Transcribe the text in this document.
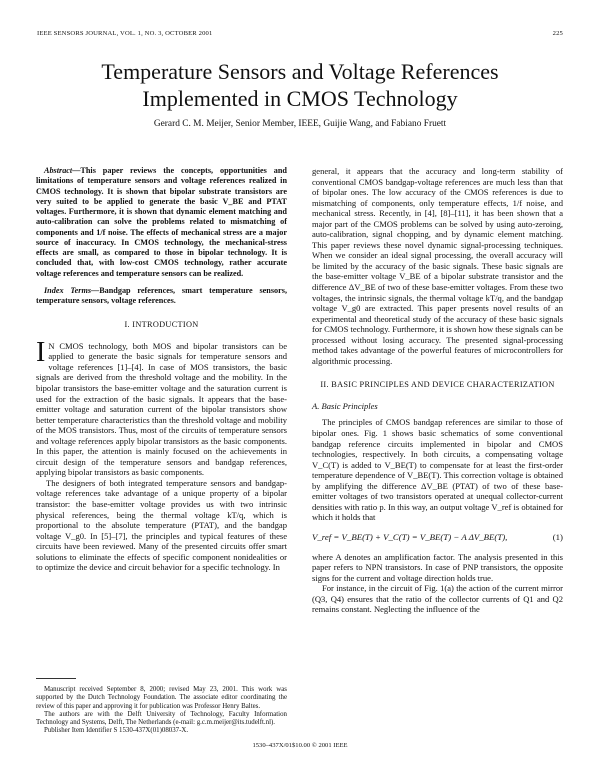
IEEE SENSORS JOURNAL, VOL. 1, NO. 3, OCTOBER 2001	225
Temperature Sensors and Voltage References
Implemented in CMOS Technology
Gerard C. M. Meijer, Senior Member, IEEE, Guijie Wang, and Fabiano Fruett

Abstract—This paper reviews the concepts, opportunities and limitations of temperature sensors and voltage references realized in CMOS technology. It is shown that bipolar substrate transistors are very suited to be applied to generate the basic V_BE and PTAT voltages. Furthermore, it is shown that dynamic element matching and auto-calibration can solve the problems related to mismatching of components and 1/f noise. The effects of mechanical stress are a major source of inaccuracy. In CMOS technology, the mechanical-stress effects are small, as compared to those in bipolar technology. It is concluded that, with low-cost CMOS technology, rather accurate voltage references and temperature sensors can be realized.

Index Terms—Bandgap references, smart temperature sensors, temperature sensors, voltage references.

I. INTRODUCTION

I N CMOS technology, both MOS and bipolar transistors can be applied to generate the basic signals for temperature sensors and voltage references [1]–[4]. In case of MOS transistors, the basic signals are derived from the threshold voltage and the mobility. In the bipolar transistors the base-emitter voltage and the saturation current is used for the extraction of the basic signals. It appears that the base-emitter voltage and saturation current of the bipolar transistors show better temperature characteristics than the threshold voltage and mobility of the MOS transistors. Thus, most of the circuits of temperature sensors and voltage references apply bipolar transistors as the basic components. In this paper, the attention is mainly focused on the achievements in circuit design of the temperature sensors and bandgap references, applying bipolar transistors as basic components.

The designers of both integrated temperature sensors and bandgap-voltage references take advantage of a unique property of a bipolar transistor: the base-emitter voltage provides us with two intrinsic physical references, being the thermal voltage kT/q, which is proportional to the absolute temperature (PTAT), and the bandgap voltage V_g0. In [5]–[7], the principles and typical features of these circuits have been reviewed. Many of the presented circuits offer smart solutions to eliminate the effects of specific component nonidealities or to optimize the device and circuit behavior for a specific technology. In

Manuscript received September 8, 2000; revised May 23, 2001. This work was supported by the Dutch Technology Foundation. The associate editor coordinating the review of this paper and approving it for publication was Professor Henry Baltes.

The authors are with the Delft University of Technology, Faculty Information Technology and Systems, Delft, The Netherlands (e-mail: g.c.m.meijer@its.tudelft.nl).

Publisher Item Identifier S 1530-437X(01)08037-X.

general, it appears that the accuracy and long-term stability of conventional CMOS bandgap-voltage references are much less than that of bipolar ones. The low accuracy of the CMOS references is due to mismatching of components, only temperature effects, 1/f noise, and mechanical stress. Recently, in [4], [8]–[11], it has been shown that a major part of the CMOS problems can be solved by using auto-zeroing, auto-calibration, signal chopping, and by dynamic element matching. This paper reviews these novel dynamic signal-processing techniques. When we consider an ideal signal processing, the overall accuracy will be limited by the accuracy of the basic signals. These basic signals are the base-emitter voltage V_BE of a bipolar substrate transistor and the difference ΔV_BE of two of these base-emitter voltages. From these two voltages, the intrinsic signals, the thermal voltage kT/q, and the bandgap voltage V_g0 are extracted. This paper presents novel results of an experimental and theoretical study of the accuracy of these basic signals for CMOS technology. Furthermore, it is shown how these signals can be processed without losing accuracy. The presented signal-processing method takes advantage of the powerful features of microcontrollers for algorithmic processing.

II. BASIC PRINCIPLES AND DEVICE CHARACTERIZATION
A. Basic Principles

The principles of CMOS bandgap references are similar to those of bipolar ones. Fig. 1 shows basic schematics of some conventional bandgap reference circuits implemented in bipolar and CMOS technologies, respectively. In both circuits, a compensating voltage V_C(T) is added to V_BE(T) to compensate for at least the first-order temperature dependence of V_BE(T). This correction voltage is obtained by amplifying the difference ΔV_BE (PTAT) of two of these base-emitter voltages of two transistors operated at unequal collector-current densities with ratio p. In this way, an output voltage V_ref is obtained for which it holds that

V_ref = V_BE(T) + V_C(T) = V_BE(T) − A ΔV_BE(T),	(1)

where A denotes an amplification factor. The analysis presented in this paper refers to NPN transistors. In case of PNP transistors, the opposite signs for the current and voltage direction holds true.

For instance, in the circuit of Fig. 1(a) the action of the current mirror (Q3, Q4) ensures that the ratio of the collector currents of Q1 and Q2 remains constant. Neglecting the influence of the

1530–437X/01$10.00 © 2001 IEEE
